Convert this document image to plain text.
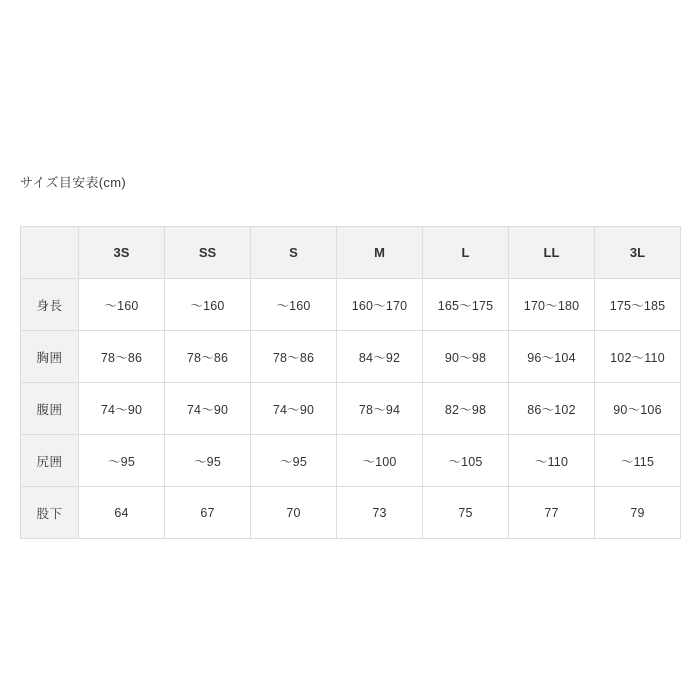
サイズ目安表(cm)
	3S	SS	S	M	L	LL	3L
身長	〜160	〜160	〜160	160〜170	165〜175	170〜180	175〜185
胸囲	78〜86	78〜86	78〜86	84〜92	90〜98	96〜104	102〜110
腹囲	74〜90	74〜90	74〜90	78〜94	82〜98	86〜102	90〜106
尻囲	〜95	〜95	〜95	〜100	〜105	〜110	〜115
股下	64	67	70	73	75	77	79
